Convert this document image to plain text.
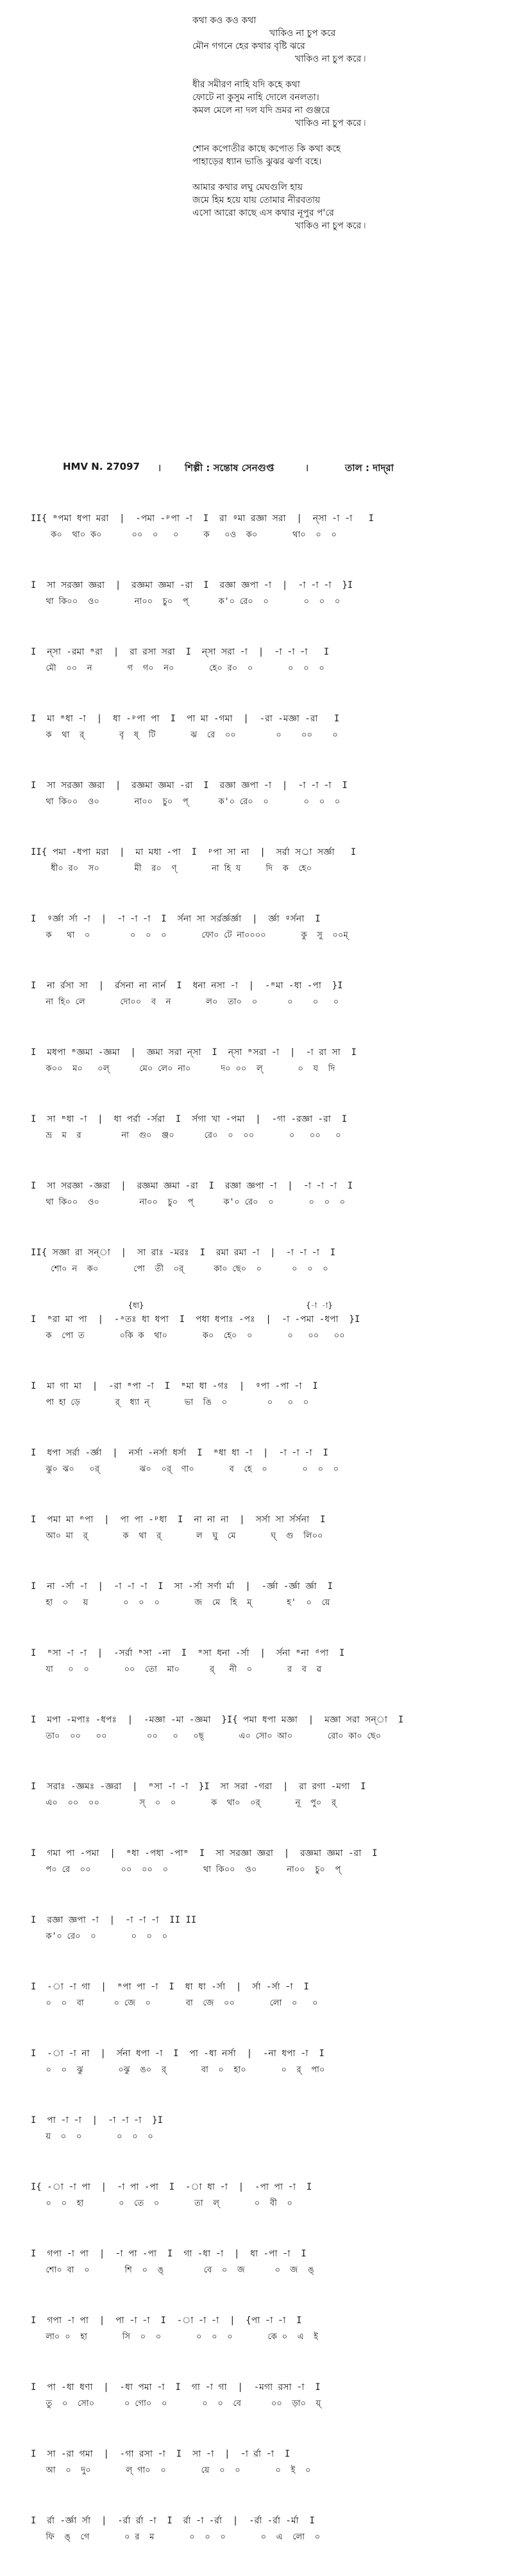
কথা কও কও কথা
খাকিও না চুপ করে
মৌন গগনে হের কথার বৃষ্টি ঝরে
খাকিও না চুপ করে ৷
ধীর সমীরণ নাহি যদি কহে কথা
ফোটে না কুসুম নাহি দোলে বনলতা।
কমল মেলে না দল যদি ভ্রমর না গুঞ্জরে
খাকিও না চুপ করে ৷
শোন কপোতীর কাছে কপোত কি কথা কহে
পাহাড়ের ধ্যান ভাঙি ঝুঝর ঝর্ণা বহে।
আমার কথার লঘু মেঘগুলি হায়
জমে হিম হয়ে যায় তোমার নীরবতায়
এসো আরো কাছে এস কথার নূপুর প'রে
খাকিও না চুপ করে ৷
HMV N. 27097 ৷ শিল্পী : সন্তোষ সেনগুপ্ত	৷	তাল : দাদ্‌রা
II{ ᵐপমা ধপা মরা  |  -পমা -ᵖপা -া  I  রা ᵍমা রজ্ঞা সরা  |  ন্‌সা -া -া   I
ক০  থা০ ক০      ০০  ০   ০     ক   ০ও  ক০       থা০  ০  ০
I  সা সরজ্ঞা জ্ঞরা  |  রজ্ঞমা জ্ঞমা -রা  I  রজ্ঞা জ্ঞপা -া  |  -া -া -া  }I
থা কি০০  ও০       না০০  চু০  প্      ক'০ রে০  ০       ০  ০  ০
I  ন্‌সা -রমা ᵐরা  |  রা রসা সরা  I  ন্‌সা সরা -া  |  -া -া -া   I
মৌ  ০০  ন       গ  গ০  ন০       হে০ র০  ০       ০  ০  ০
I  মা ᵐধা -া  |  ধা -ᵖপা পা  I  পা মা -গমা  |  -রা -মজ্ঞা -রা   I
ক  থা  র্       বৃ  ষ্  টি       ঝ  রে  ০০        ০    ০০    ০
I  সা সরজ্ঞা জ্ঞরা  |  রজ্ঞমা জ্ঞমা -রা  I  রজ্ঞা জ্ঞপা -া  |  -া -া -া  I
থা কি০০  ও০       না০০  চু০  প্      ক'০ রে০  ০       ০  ০  ০
II{ পমা -ধপা মরা  |  মা মধা -পা  I  ᵖপা সা না  |  সর্রা সর্া সর্জ্ঞা   I
ধী০ র০  স০       মী  র০  ণ্       না হি য     দি  ক  হে০
I  ᵍর্জ্ঞা র্সা -া  |  -া -া -া  I  র্সনা সা সর্রর্জ্ঞর্জ্ঞা  |  র্জ্ঞা ᵍর্সনা  I
ক   থা  ০        ০  ০  ০       ফো০ টে না০০০০       কু  সু  ০০ম্
I  না র্রসা সা  |  র্রসনা না নার্ন  I  ধনা নসা -া  |  -ᵐমা -ধা -পা  }I
না হি০ লে       দো০০  ব  ন       ল০  তা০  ০      ০    ০   ০
I  মধপা ᵐজ্ঞমা -জ্ঞমা  |  জ্ঞমা সরা ন্‌সা  I  ন্‌সা ᵐসরা -া  |  -া রা সা  I
ক০০  ম০   ০ল্      মে০ লে০ না০      দ০ ০০  ল্       ০  য  দি
I  সা ᵐধা -া  |  ধা পর্রা -র্সরা  I  র্সগা খা -পমা  |  -গা -রজ্ঞা -রা  I
ভ্র  ম  র        না  গু০  ঞ্জ০      রে০  ০  ০০       ০   ০০   ০
I  সা সরজ্ঞা -জ্ঞরা  |  রজ্ঞমা জ্ঞমা -রা  I  রজ্ঞা জ্ঞপা -া  |  -া -া -া  I
থা কি০০  ও০        না০০  চু০  প্      ক'০ রে০  ০       ০  ০  ০
II{ সজ্ঞা রা সন্‌া  |  সা রাঃ -মরঃ  I  রমা রমা -া  |  -া -া -া  I
শো০ ন  ক০       পো  তী  ০র্      কা০ ছে০  ০      ০  ০  ০
{ধা}                                   {-া -া}
I  ᵐরা মা পা  |  -ᵃতঃ ধা ধপা  I  পধা ধপাঃ -পঃ  |  -া -পমা -ধপা  }I
ক  পো ত       ০কি ক  থা০       ক০  হে০  ০       ০   ০০   ০০
I  মা গা মা  |  -রা ᵐপা -া  I  ᵐমা ধা -গঃ  |  ᵍপা -পা -া  I
পা হা ড়ে       র্  ধ্যা ন্       ভা  ঙি  ০        ০   ০  ০
I  ধপা সর্রা -র্জ্ঞা  |  নর্সা -নর্সা ধর্সা  I  ᵐধা ধা -া  |  -া -া -া  I
ঝু০ ঝ০   ০র্        ঝ০  ০র্  ণা০       ব  হে  ০       ০  ০  ০
I  পমা মা ᵐপা  |  পা পা -ᵖধা  I  না না না  |  সর্সা সা র্সর্সনা  I
আ০ মা  র্       ক  থা  র্       ল  ঘু  মে       ঘ্  গু  লি০০
I  না -র্সা -া  |  -া -া -া  I  সা -র্সা সর্ণা র্মা  |  -র্জ্ঞা -র্জ্ঞা র্জ্ঞা  I
হা  ০   য়       ০  ০  ০       জ  মে  হি  ম্       হ'  ০  য়ে
I  ᵐসা -া -া  |  -সর্রা ᵐসা -না  I  ᵐসা ধনা -র্সা  |  র্সনা ᵐনা ᵈপা  I
যা   ০  ০       ০০  তো  মা০      র্   নী  ০       র  ব  ৱ
I  মপা -মপাঃ -ধপঃ  |  -মজ্ঞা -মা -জ্ঞমা  }I{ পমা ধপা মজ্ঞা  |  মজ্ঞা সরা সন্‌া  I
তা০  ০০   ০০        ০০   ০   ০ছ্       এ০ সো০ আ০       রো০ কা০ ছে০
I  সরাঃ -জ্ঞমঃ -জ্ঞরা  |  ᵐসা -া -া  }I  সা সরা -গরা  |  রা রগা -মগা  I
এ০  ০০  ০০        স্  ০  ০       ক  থা০  ০র্       নূ  পু০  র্
I  গমা পা -পমা  |  ᵐধা -পধা -পাᵐ  I  সা সরজ্ঞা জ্ঞরা  |  রজ্ঞমা জ্ঞমা -রা  I
প০ রে  ০০      ০০  ০০  ০       থা কি০০  ও০      না০০  চু০  প্
I  রজ্ঞা জ্ঞপা -া  |  -া -া -া  II II
ক'০ রে০  ০       ০  ০  ০
I  -া -া গা  |  ᵐপা পা -া  I  ধা ধা -র্সা  |  র্সা -র্সা -া  I
০  ০  বা      ০ জে  ০       বা  জে  ০০       লো  ০   ০
I  -া -া না  |  র্সনা ধপা -া  I  পা -ধা নর্সা  |  -না ধপা -া  I
০  ০  ঝু       ০ঝু  ঙ০  র্       বা  ০  হা০       ০  র্  পা০
I  পা -া -া  |  -া -া -া  }I
য়  ০  ০       ০  ০  ০
I{ -া -া পা  |  -া পা -পা  I  -া ধা -া  |  -পা পা -া  I
০  ০  হা       ০  তে  ০       তা  ল্       ০  বী  ০
I  গপা -া পা  |  -া পা -পা  I  গা -ধা -া  |  ধা -পা -া  I
শো০ বা  ০       শি  ০  ঙ্        বে  ০  জ      ০  জ  ঙ্
I  গপা -া পা  |  পা -া -া  I  -া -া -া  |  {পা -া -া  I
লা০ ০  হা       সি  ০  ০       ০  ০  ০       কে ০  এ  ই
I  পা -ধা ধণা  |  -ধা পমা -া  I  গা -া গা  |  -মগা রসা -া  I
তু  ০  সো০      ০ গো০  ০       ০  ০  বে      ০০  ড়া০  য়্
I  সা -রা গমা  |  -গা রসা -া  I  সা -া  |  -া র্রা -া  I
আ  ০  দু০       ল্ গা০  ০       য়ে  ০  ০       ০  ই  ০
I  র্রা -র্জ্ঞা র্সা  |  -র্রা র্রা -া  I  র্রা -া -র্রা  |  -র্রা -র্রা -র্মা  I
ফি  ঙ্  গে       ০ র  ম       ০  ০  ০       ০  এ  লো  ০
